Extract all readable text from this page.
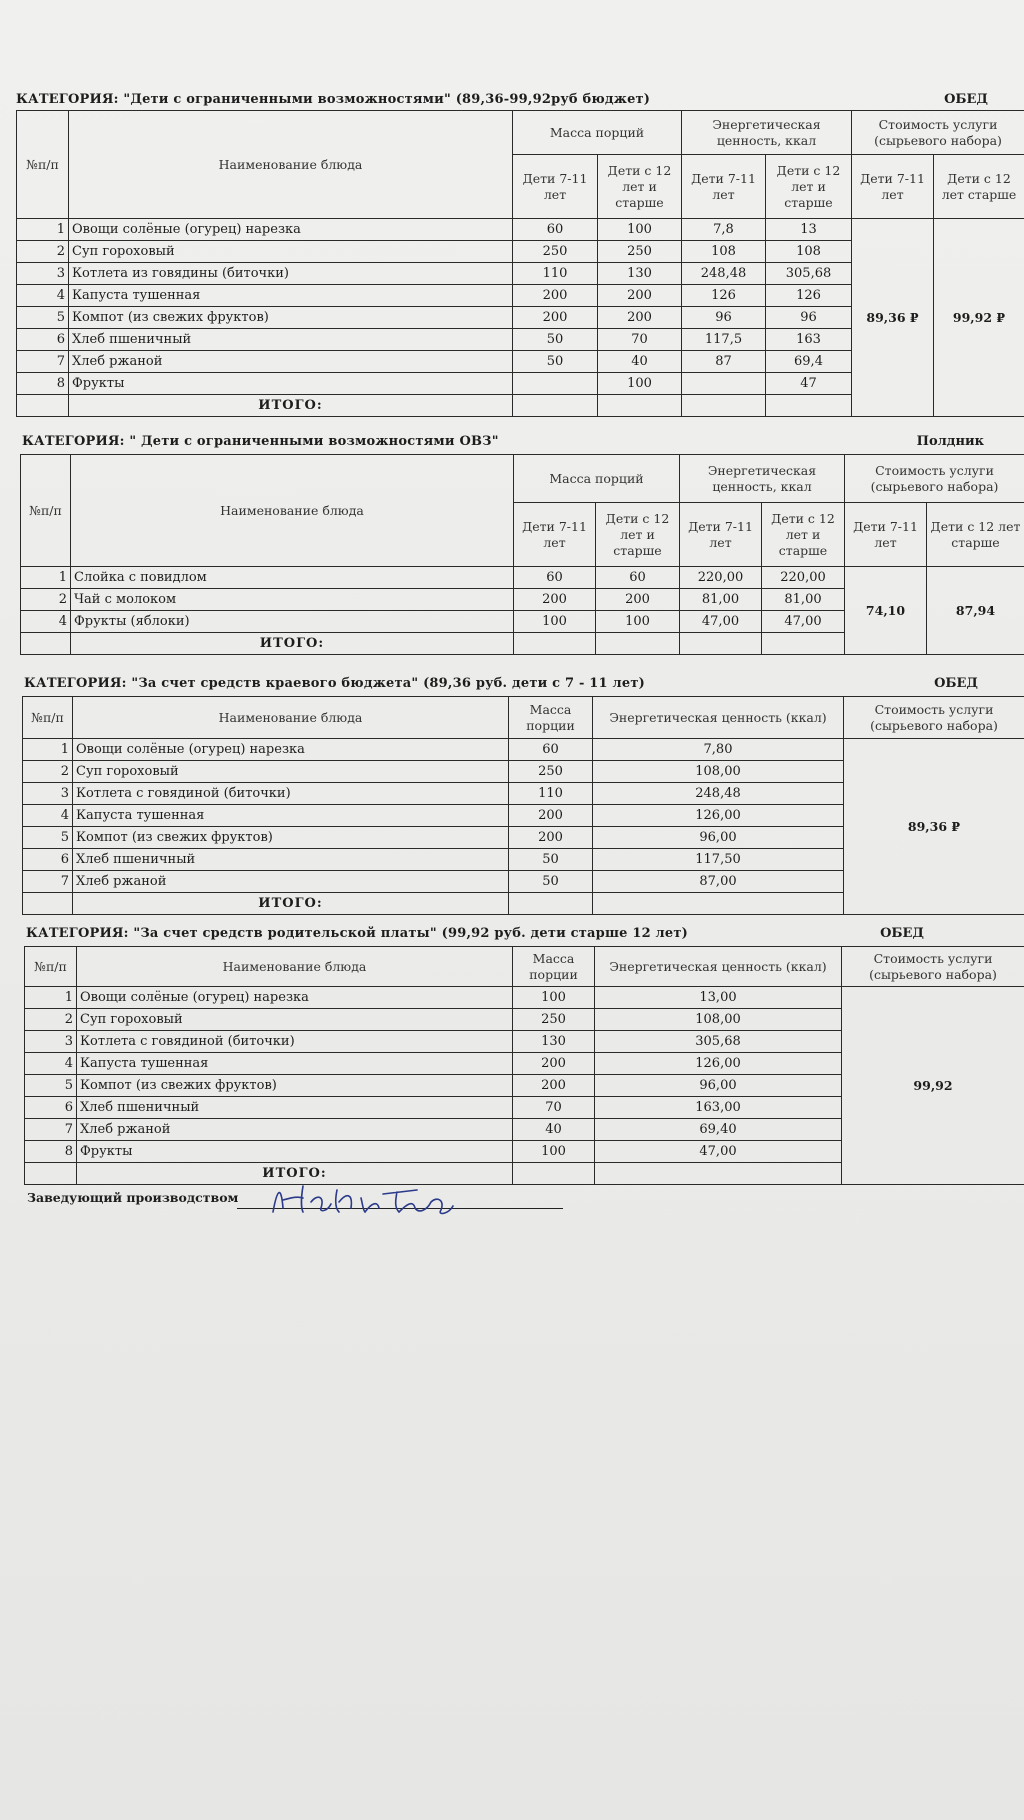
КАТЕГОРИЯ: "Дети с ограниченными возможностями" (89,36-99,92руб бюджет)	ОБЕД
№п/п	Наименование блюда	Масса порций		Энергетическая ценность, ккал		Стоимость услуги (сырьевого набора)	
		Дети 7-11 лет	Дети с 12 лет и старше	Дети 7-11 лет	Дети с 12 лет и старше	Дети 7-11 лет	Дети с 12 лет старше
1	Овощи солёные (огурец) нарезка	60	100	7,8	13	89,36 ₽	99,92 ₽
2	Суп гороховый	250	250	108	108		
3	Котлета из говядины (биточки)	110	130	248,48	305,68		
4	Капуста тушенная	200	200	126	126		
5	Компот (из свежих фруктов)	200	200	96	96		
6	Хлеб пшеничный	50	70	117,5	163		
7	Хлеб ржаной	50	40	87	69,4		
8	Фрукты		100		47		
	ИТОГО:						
КАТЕГОРИЯ: " Дети с ограниченными возможностями ОВЗ"	Полдник
№п/п	Наименование блюда	Масса порций		Энергетическая ценность, ккал		Стоимость услуги (сырьевого набора)	
		Дети 7-11 лет	Дети с 12 лет и старше	Дети 7-11 лет	Дети с 12 лет и старше	Дети 7-11 лет	Дети с 12 лет старше
1	Слойка с повидлом	60	60	220,00	220,00	74,10	87,94
2	Чай с молоком	200	200	81,00	81,00		
4	Фрукты (яблоки)	100	100	47,00	47,00		
	ИТОГО:						
КАТЕГОРИЯ: "За счет средств краевого бюджета" (89,36 руб. дети с 7 - 11 лет)	ОБЕД
№п/п	Наименование блюда	Масса порции	Энергетическая ценность (ккал)	Стоимость услуги (сырьевого набора)
1	Овощи солёные (огурец) нарезка	60	7,80	89,36 ₽
2	Суп гороховый	250	108,00	
3	Котлета с говядиной (биточки)	110	248,48	
4	Капуста тушенная	200	126,00	
5	Компот (из свежих фруктов)	200	96,00	
6	Хлеб пшеничный	50	117,50	
7	Хлеб ржаной	50	87,00	
	ИТОГО:			
КАТЕГОРИЯ: "За счет средств родительской платы" (99,92 руб. дети старше 12 лет)	ОБЕД
№п/п	Наименование блюда	Масса порции	Энергетическая ценность (ккал)	Стоимость услуги (сырьевого набора)
1	Овощи солёные (огурец) нарезка	100	13,00	99,92
2	Суп гороховый	250	108,00	
3	Котлета с говядиной (биточки)	130	305,68	
4	Капуста тушенная	200	126,00	
5	Компот (из свежих фруктов)	200	96,00	
6	Хлеб пшеничный	70	163,00	
7	Хлеб ржаной	40	69,40	
8	Фрукты	100	47,00	
	ИТОГО:			
Заведующий производством
